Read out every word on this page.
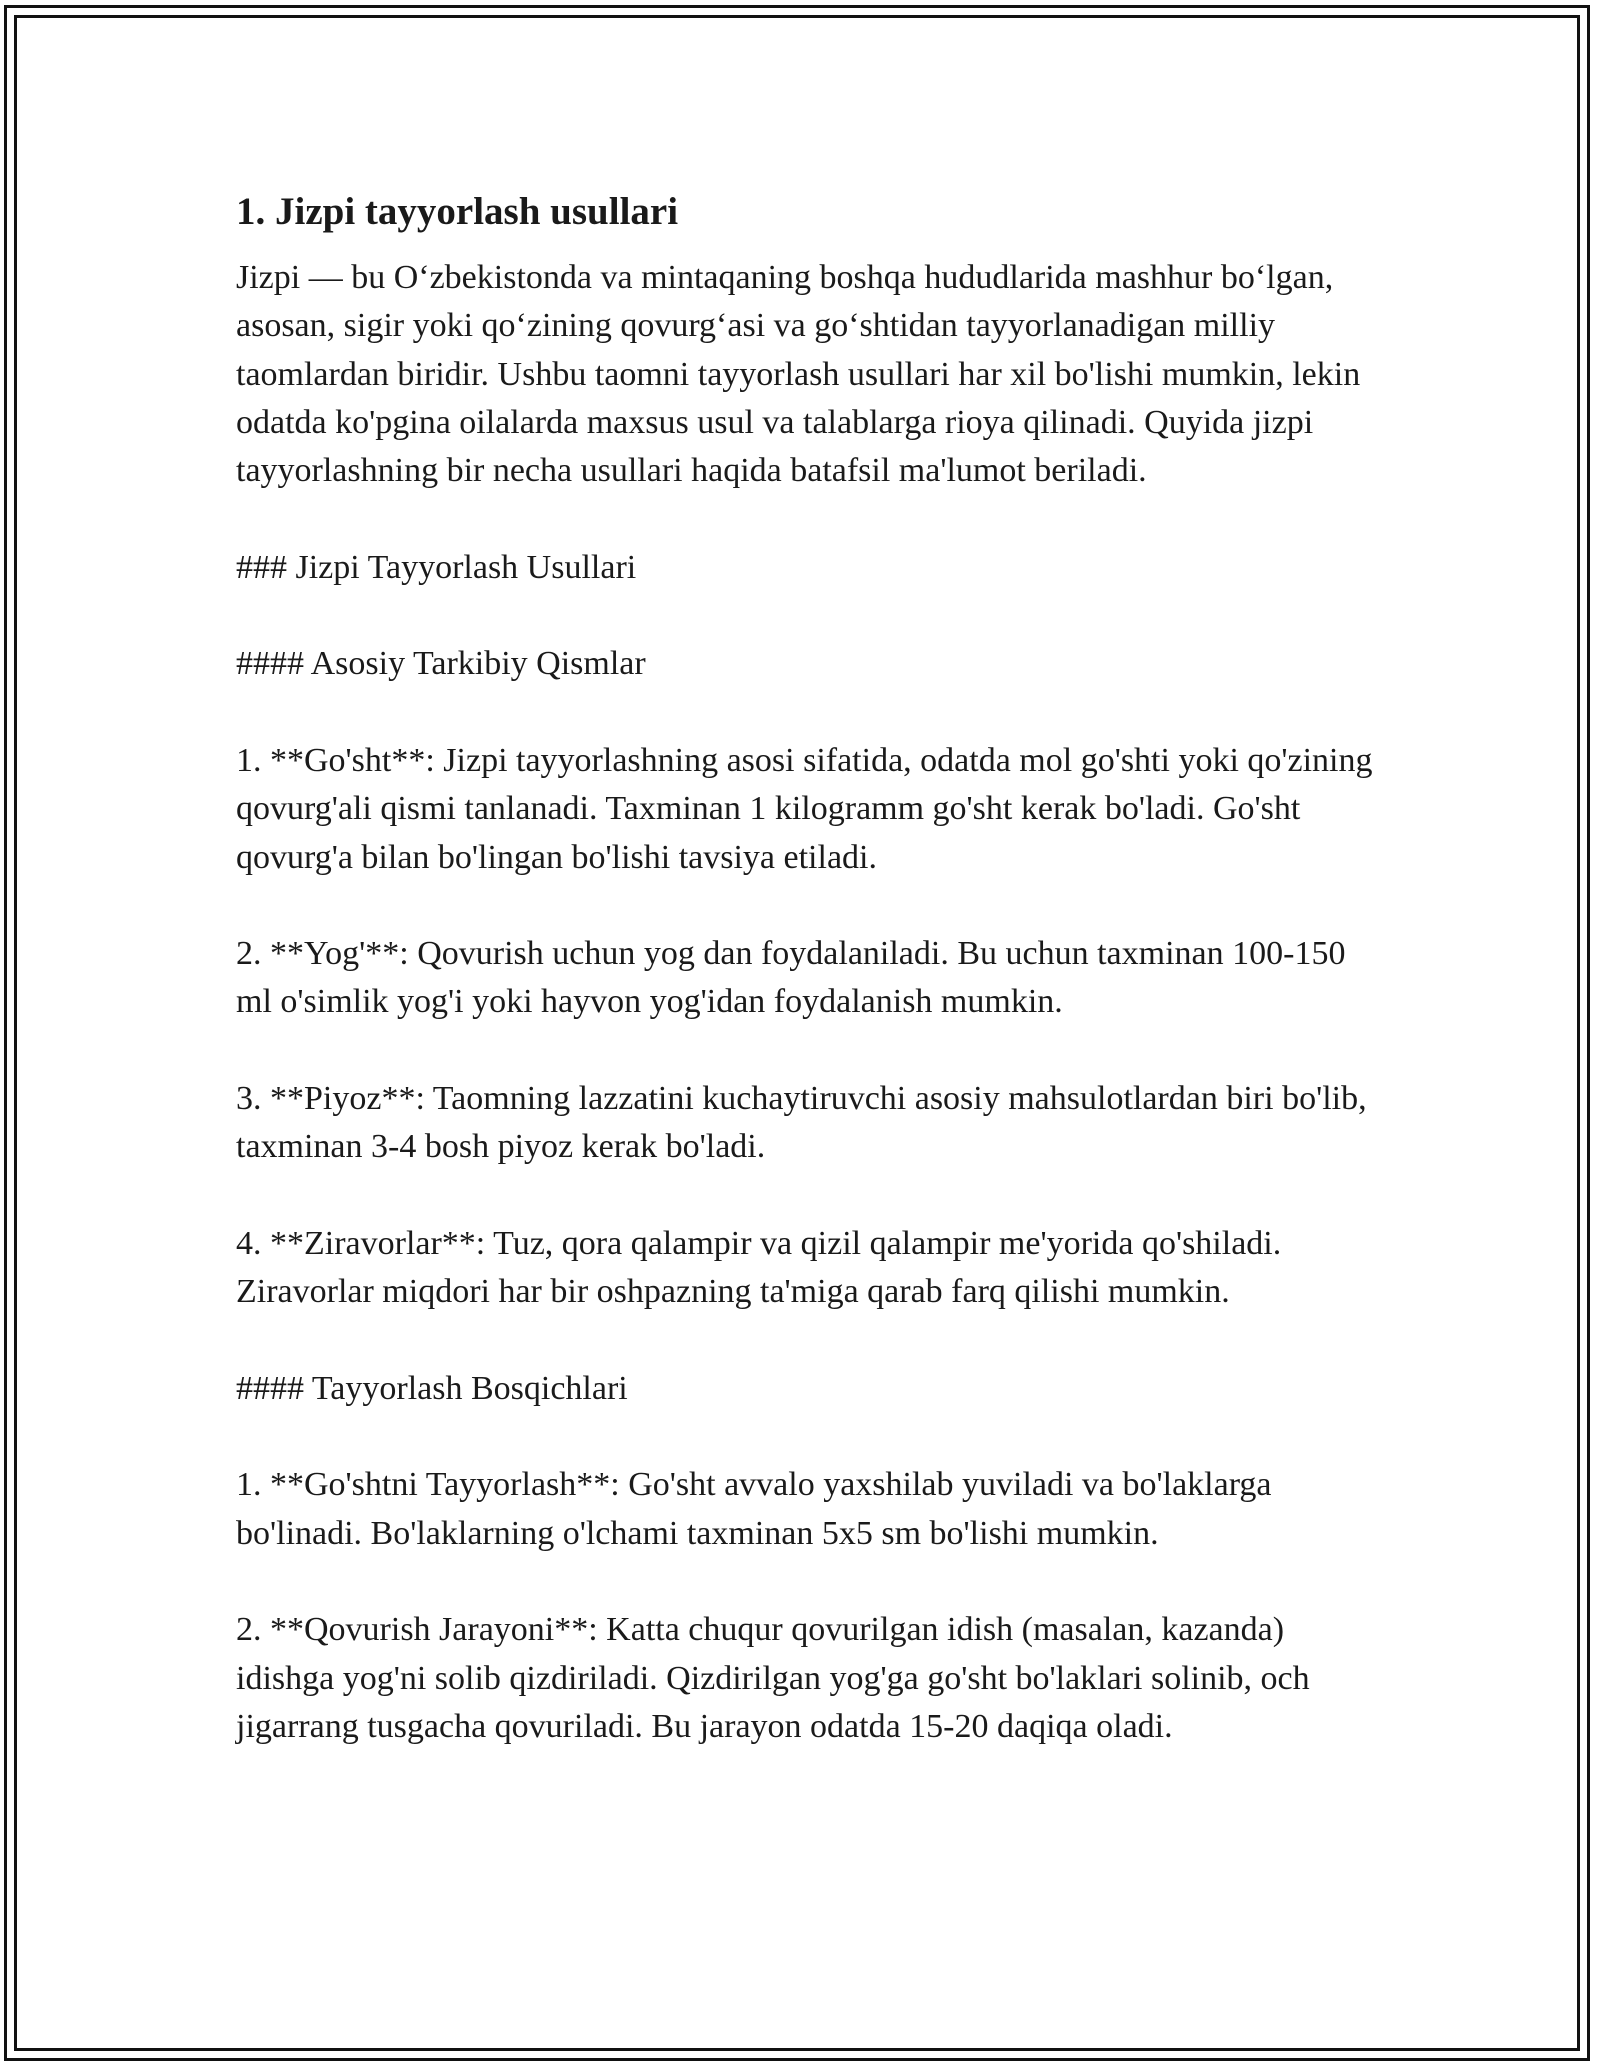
1. Jizpi tayyorlash usullari

Jizpi — bu O‘zbekistonda va mintaqaning boshqa hududlarida mashhur bo‘lgan, asosan, sigir yoki qo‘zining qovurg‘asi va go‘shtidan tayyorlanadigan milliy taomlardan biridir. Ushbu taomni tayyorlash usullari har xil bo'lishi mumkin, lekin odatda ko'pgina oilalarda maxsus usul va talablarga rioya qilinadi. Quyida jizpi tayyorlashning bir necha usullari haqida batafsil ma'lumot beriladi.

### Jizpi Tayyorlash Usullari

#### Asosiy Tarkibiy Qismlar

1. **Go'sht**: Jizpi tayyorlashning asosi sifatida, odatda mol go'shti yoki qo'zining qovurg'ali qismi tanlanadi. Taxminan 1 kilogramm go'sht kerak bo'ladi. Go'sht qovurg'a bilan bo'lingan bo'lishi tavsiya etiladi.

2. **Yog'**: Qovurish uchun yog dan foydalaniladi. Bu uchun taxminan 100-150 ml o'simlik yog'i yoki hayvon yog'idan foydalanish mumkin.

3. **Piyoz**: Taomning lazzatini kuchaytiruvchi asosiy mahsulotlardan biri bo'lib, taxminan 3-4 bosh piyoz kerak bo'ladi.

4. **Ziravorlar**: Tuz, qora qalampir va qizil qalampir me'yorida qo'shiladi. Ziravorlar miqdori har bir oshpazning ta'miga qarab farq qilishi mumkin.

#### Tayyorlash Bosqichlari

1. **Go'shtni Tayyorlash**: Go'sht avvalo yaxshilab yuviladi va bo'laklarga bo'linadi. Bo'laklarning o'lchami taxminan 5x5 sm bo'lishi mumkin.

2. **Qovurish Jarayoni**: Katta chuqur qovurilgan idish (masalan, kazanda) idishga yog'ni solib qizdiriladi. Qizdirilgan yog'ga go'sht bo'laklari solinib, och jigarrang tusgacha qovuriladi. Bu jarayon odatda 15-20 daqiqa oladi.
